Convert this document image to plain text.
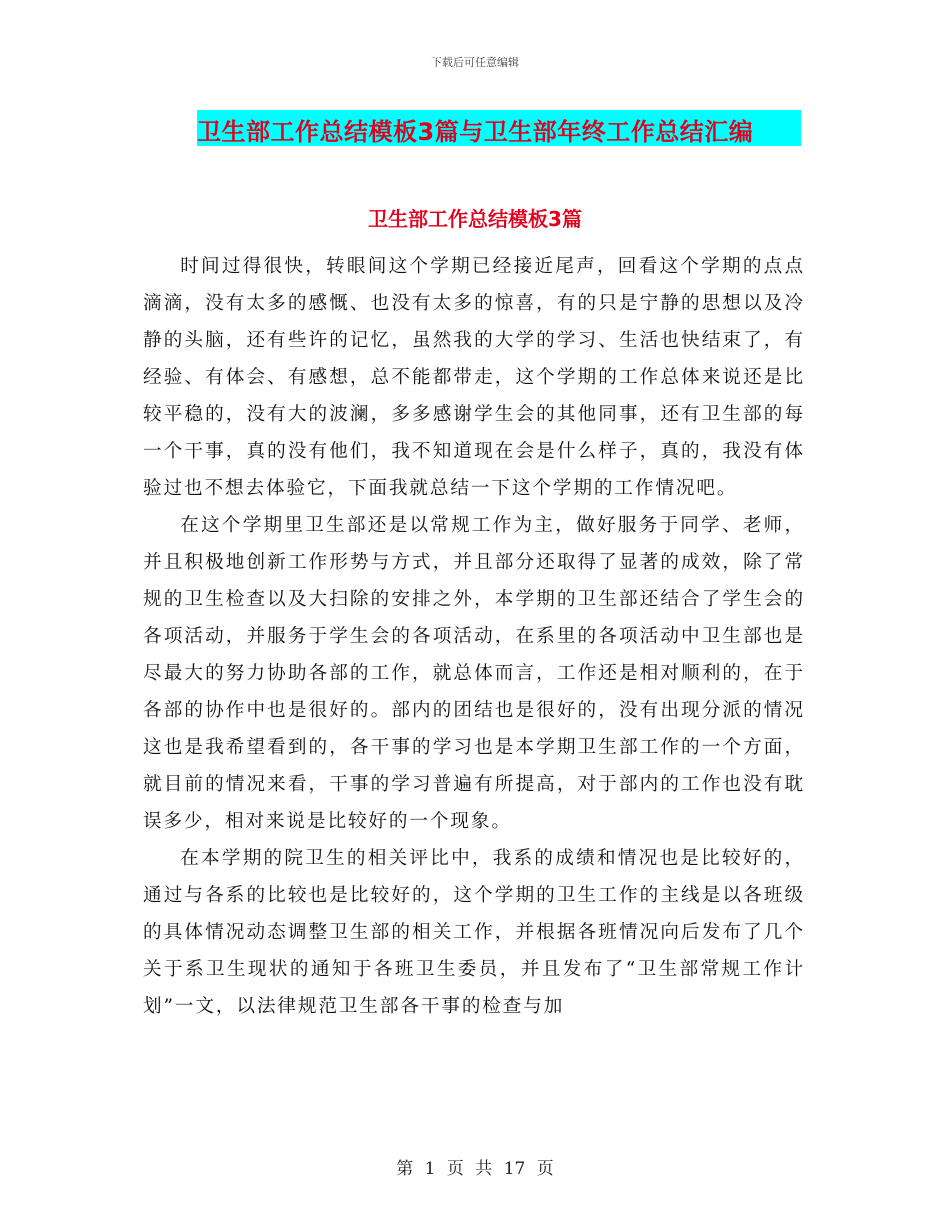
下载后可任意编辑
卫生部工作总结模板3篇与卫生部年终工作总结汇编
卫生部工作总结模板3篇

时间过得很快，转眼间这个学期已经接近尾声，回看这个学期的点点滴滴，没有太多的感慨、也没有太多的惊喜，有的只是宁静的思想以及冷静的头脑，还有些许的记忆，虽然我的大学的学习、生活也快结束了，有经验、有体会、有感想，总不能都带走，这个学期的工作总体来说还是比较平稳的，没有大的波澜，多多感谢学生会的其他同事，还有卫生部的每一个干事，真的没有他们，我不知道现在会是什么样子，真的，我没有体验过也不想去体验它，下面我就总结一下这个学期的工作情况吧。

在这个学期里卫生部还是以常规工作为主，做好服务于同学、老师，并且积极地创新工作形势与方式，并且部分还取得了显著的成效，除了常规的卫生检查以及大扫除的安排之外，本学期的卫生部还结合了学生会的各项活动，并服务于学生会的各项活动，在系里的各项活动中卫生部也是尽最大的努力协助各部的工作，就总体而言，工作还是相对顺利的，在于各部的协作中也是很好的。部内的团结也是很好的，没有出现分派的情况这也是我希望看到的，各干事的学习也是本学期卫生部工作的一个方面，就目前的情况来看，干事的学习普遍有所提高，对于部内的工作也没有耽误多少，相对来说是比较好的一个现象。

在本学期的院卫生的相关评比中，我系的成绩和情况也是比较好的，通过与各系的比较也是比较好的，这个学期的卫生工作的主线是以各班级的具体情况动态调整卫生部的相关工作，并根据各班情况向后发布了几个关于系卫生现状的通知于各班卫生委员，并且发布了“卫生部常规工作计划”一文，以法律规范卫生部各干事的检查与加

第 1 页 共 17 页
